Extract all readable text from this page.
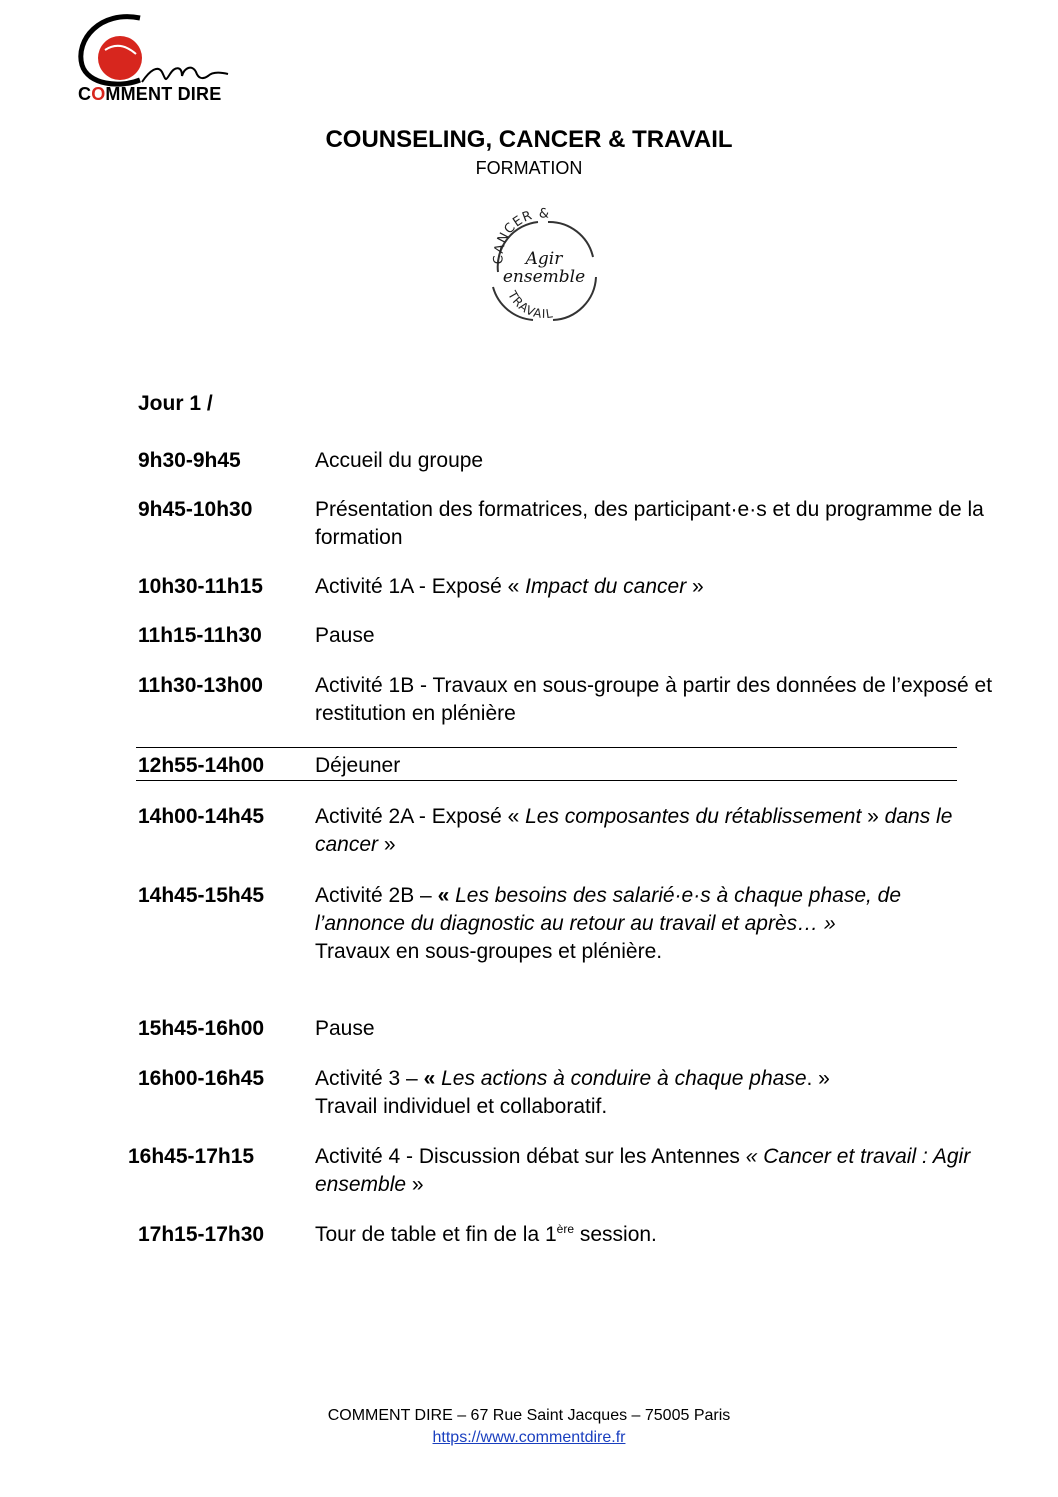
COMMENT DIRE
COUNSELING, CANCER & TRAVAIL
FORMATION
CANCER &
Agir
ensemble
TRAVAIL
Jour 1 /
9h30-9h45	Accueil du groupe
9h45-10h30	Présentation des formatrices, des participant·e·s et du programme de la formation
10h30-11h15 Activité 1A - Exposé « Impact du cancer »
11h15-11h30	Pause
11h30-13h00 Activité 1B - Travaux en sous-groupe à partir des données de l’exposé et restitution en plénière
12h55-14h00 Déjeuner
14h00-14h45 Activité 2A - Exposé « Les composantes du rétablissement » dans le cancer »
14h45-15h45 Activité 2B – « Les besoins des salarié·e·s à chaque phase, de l’annonce du diagnostic au retour au travail et après… »
Travaux en sous-groupes et plénière.
15h45-16h00 Pause
16h00-16h45 Activité 3 – « Les actions à conduire à chaque phase. »
Travail individuel et collaboratif.
16h45-17h15	Activité 4 - Discussion débat sur les Antennes « Cancer et travail : Agir ensemble »
17h15-17h30 Tour de table et fin de la 1ère session.
COMMENT DIRE – 67 Rue Saint Jacques – 75005 Paris
https://www.commentdire.fr
